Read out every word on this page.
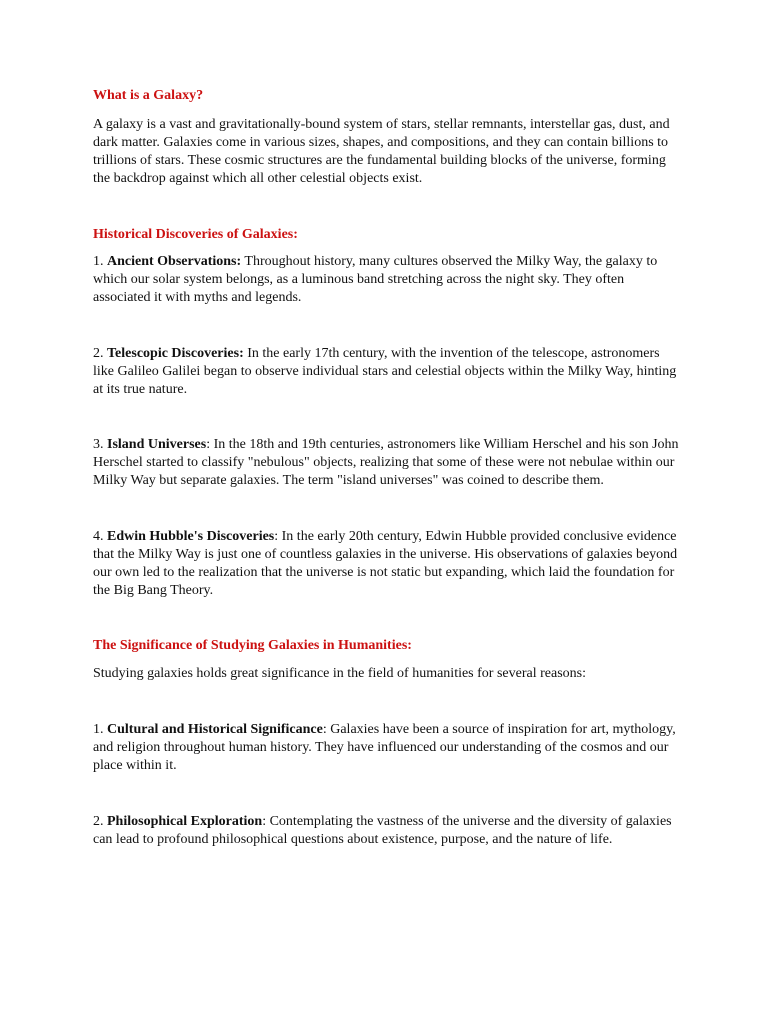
What is a Galaxy?

A galaxy is a vast and gravitationally-bound system of stars, stellar remnants, interstellar gas, dust, and dark matter. Galaxies come in various sizes, shapes, and compositions, and they can contain billions to trillions of stars. These cosmic structures are the fundamental building blocks of the universe, forming the backdrop against which all other celestial objects exist.

Historical Discoveries of Galaxies:

1. Ancient Observations: Throughout history, many cultures observed the Milky Way, the galaxy to which our solar system belongs, as a luminous band stretching across the night sky. They often associated it with myths and legends.

2. Telescopic Discoveries: In the early 17th century, with the invention of the telescope, astronomers like Galileo Galilei began to observe individual stars and celestial objects within the Milky Way, hinting at its true nature.

3. Island Universes: In the 18th and 19th centuries, astronomers like William Herschel and his son John Herschel started to classify "nebulous" objects, realizing that some of these were not nebulae within our Milky Way but separate galaxies. The term "island universes" was coined to describe them.

4. Edwin Hubble's Discoveries: In the early 20th century, Edwin Hubble provided conclusive evidence that the Milky Way is just one of countless galaxies in the universe. His observations of galaxies beyond our own led to the realization that the universe is not static but expanding, which laid the foundation for the Big Bang Theory.

The Significance of Studying Galaxies in Humanities:

Studying galaxies holds great significance in the field of humanities for several reasons:

1. Cultural and Historical Significance: Galaxies have been a source of inspiration for art, mythology, and religion throughout human history. They have influenced our understanding of the cosmos and our place within it.

2. Philosophical Exploration: Contemplating the vastness of the universe and the diversity of galaxies can lead to profound philosophical questions about existence, purpose, and the nature of life.
